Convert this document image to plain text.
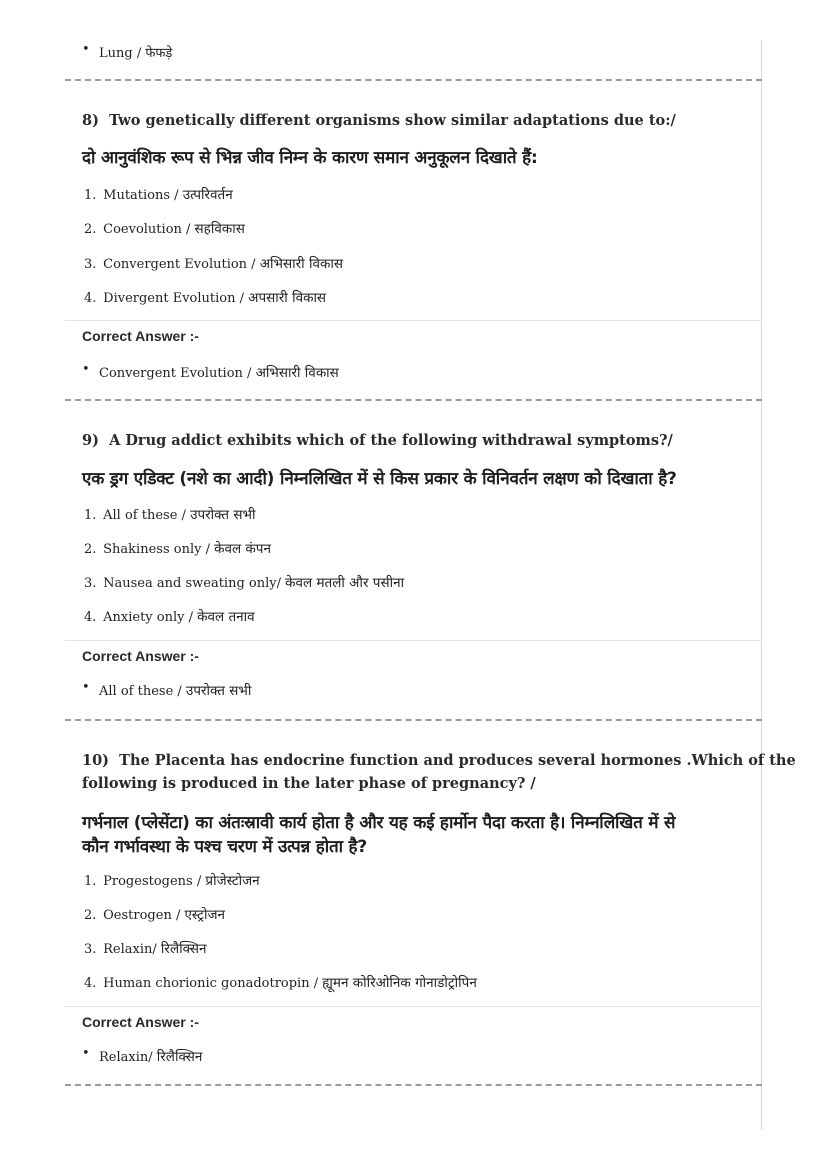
• Lung / फेफड़े
8) Two genetically different organisms show similar adaptations due to:/
दो आनुवंशिक रूप से भिन्न जीव निम्न के कारण समान अनुकूलन दिखाते हैं:
1. Mutations / उत्परिवर्तन
2. Coevolution / सहविकास
3. Convergent Evolution / अभिसारी विकास
4. Divergent Evolution / अपसारी विकास
Correct Answer :-
• Convergent Evolution / अभिसारी विकास
9) A Drug addict exhibits which of the following withdrawal symptoms?/
एक ड्रग एडिक्ट (नशे का आदी) निम्नलिखित में से किस प्रकार के विनिवर्तन लक्षण को दिखाता है?
1. All of these / उपरोक्त सभी
2. Shakiness only / केवल कंपन
3. Nausea and sweating only/ केवल मतली और पसीना
4. Anxiety only / केवल तनाव
Correct Answer :-
• All of these / उपरोक्त सभी
10) The Placenta has endocrine function and produces several hormones .Which of the
following is produced in the later phase of pregnancy? /
गर्भनाल (प्लेसेंटा) का अंतःस्रावी कार्य होता है और यह कई हार्मोन पैदा करता है। निम्नलिखित में से
कौन गर्भावस्था के पश्च चरण में उत्पन्न होता है?
1. Progestogens / प्रोजेस्टोजन
2. Oestrogen / एस्ट्रोजन
3. Relaxin/ रिलैक्सिन
4. Human chorionic gonadotropin / ह्यूमन कोरिओनिक गोनाडोट्रोपिन
Correct Answer :-
• Relaxin/ रिलैक्सिन
